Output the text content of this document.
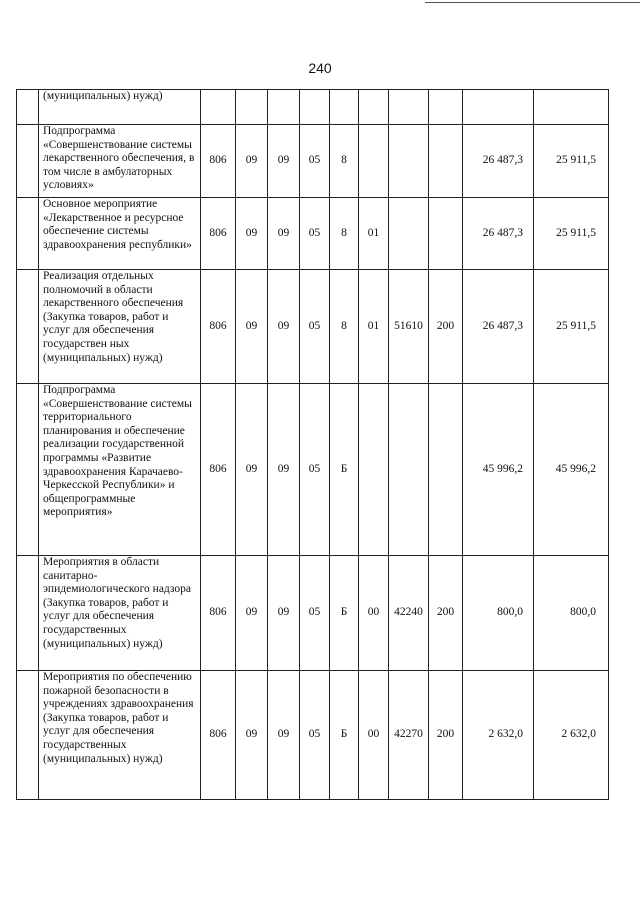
240
	(муниципальных) нужд)										
	Подпрограмма «Совершенствование системы лекарственного обеспечения, в том числе в амбулаторных условиях»	806	09	09	05	8				26 487,3	25 911,5
	Основное мероприятие «Лекарственное и ресурсное обеспечение системы здравоохранения республики»	806	09	09	05	8	01			26 487,3	25 911,5
	Реализация отдельных полномочий в области лекарственного обеспечения (Закупка товаров, работ и услуг для обеспечения государствен ных (муниципальных) нужд)	806	09	09	05	8	01	51610	200	26 487,3	25 911,5
	Подпрограмма «Совершенствование системы территориального планирования и обеспечение реализации государственной программы «Развитие здравоохранения Карачаево-Черкесской Республики» и общепрограммные мероприятия»	806	09	09	05	Б				45 996,2	45 996,2
	Мероприятия в области санитарно-эпидемиологического надзора (Закупка товаров, работ и услуг для обеспечения государственных (муниципальных) нужд)	806	09	09	05	Б	00	42240	200	800,0	800,0
	Мероприятия по обеспечению пожарной безопасности в учреждениях здравоохранения (Закупка товаров, работ и услуг для обеспечения государственных (муниципальных) нужд)	806	09	09	05	Б	00	42270	200	2 632,0	2 632,0
